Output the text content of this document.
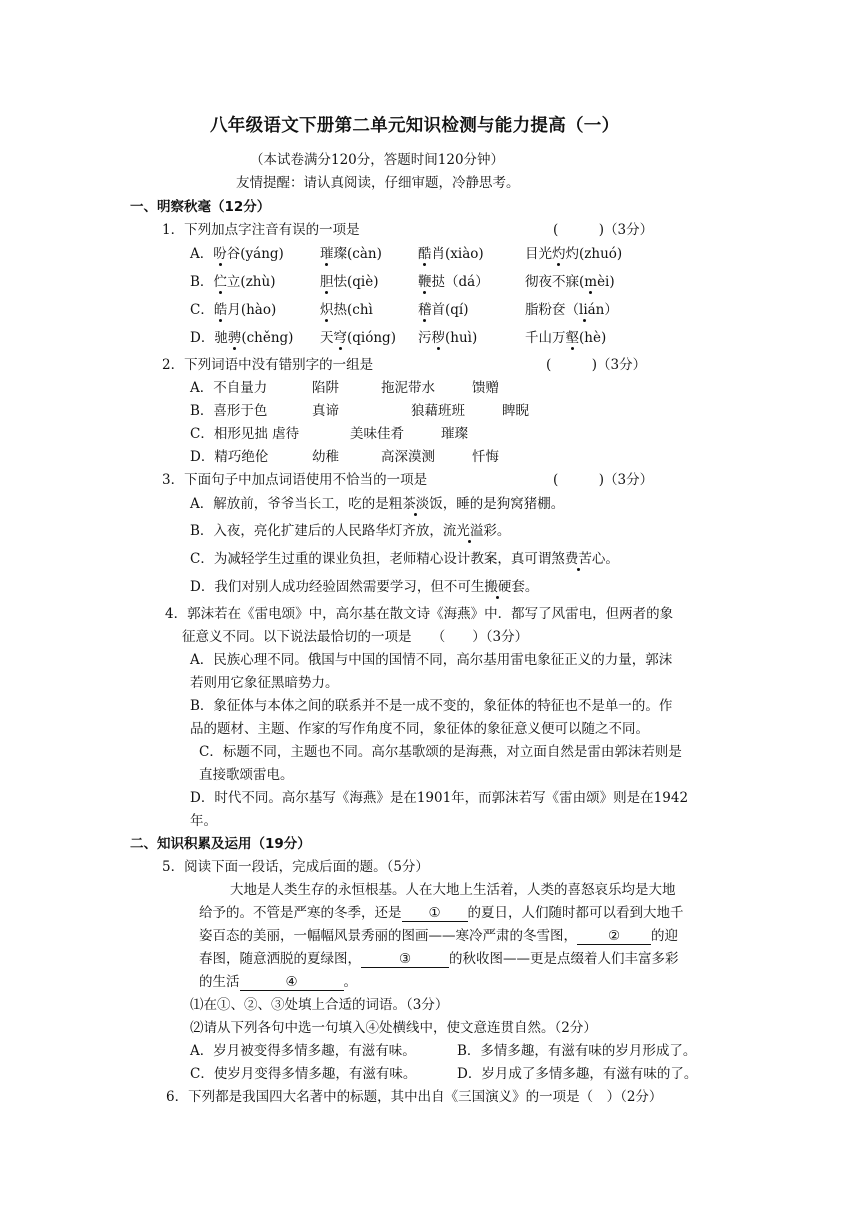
八年级语文下册第二单元知识检测与能力提高（一）
（本试卷满分120分，答题时间120分钟）
友情提醒：请认真阅读，仔细审题，冷静思考。
一、明察秋毫（12分）
1．下列加点字注音有误的一项是	(　　　)（3分）
A．吩谷(yáng)	璀璨(càn)	酷肖(xiào)	目光灼灼(zhuó)
B．伫立(zhù)	胆怯(qiè)	鞭挞（dá）	彻夜不寐(mèi)
C．皓月(hào)	炽热(chì	稽首(qí)	脂粉奁（lián）
D．驰骋(chěng) 天穹(qióng) 污秽(huì)	千山万壑(hè)
2．下列词语中没有错别字的一组是	(　　　)（3分）
A．不自量力	陷阱	拖泥带水	馈赠
B．喜形于色	真谛	狼藉班班	睥睨
C．相形见拙 虐待	美味佳肴	璀璨
D．精巧绝伦	幼稚	高深漠测	忏悔
3．下面句子中加点词语使用不恰当的一项是	(　　　)（3分）
A．解放前，爷爷当长工，吃的是粗茶淡饭，睡的是狗窝猪棚。
B．入夜，亮化扩建后的人民路华灯齐放，流光溢彩。
C．为减轻学生过重的课业负担，老师精心设计教案，真可谓煞费苦心。
D．我们对别人成功经验固然需要学习，但不可生搬硬套。
4．郭沫若在《雷电颂》中，高尔基在散文诗《海燕》中．都写了风雷电，但两者的象
征意义不同。以下说法最恰切的一项是　　（　　）（3分）
A．民族心理不同。俄国与中国的国情不同，高尔基用雷电象征正义的力量，郭沫
若则用它象征黑暗势力。
B．象征体与本体之间的联系并不是一成不变的，象征体的特征也不是单一的。作
品的题材、主题、作家的写作角度不同，象征体的象征意义便可以随之不同。
C．标题不同，主题也不同。高尔基歌颂的是海燕，对立面自然是雷由郭沫若则是
直接歌颂雷电。
D．时代不同。高尔基写《海燕》是在1901年，而郭沫若写《雷由颂》则是在1942
年。
二、知识积累及运用（19分）
5．阅读下面一段话，完成后面的题。（5分）
大地是人类生存的永恒根基。人在大地上生活着，人类的喜怒哀乐均是大地
给予的。不管是严寒的冬季，还是 ① 的夏日，人们随时都可以看到大地千
姿百态的美丽，一幅幅风景秀丽的图画——寒冷严肃的冬雪图， ② 的迎
春图，随意洒脱的夏绿图，	③	的秋收图——更是点缀着人们丰富多彩
的生活	④	。
⑴在①、②、③处填上合适的词语。（3分）
⑵请从下列各句中选一句填入④处横线中，使文意连贯自然。（2分）
A．岁月被变得多情多趣，有滋有味。	B．多情多趣，有滋有味的岁月形成了。
C．使岁月变得多情多趣，有滋有味。	D．岁月成了多情多趣，有滋有味的了。
6．下列都是我国四大名著中的标题，其中出自《三国演义》的一项是（　）（2分）
